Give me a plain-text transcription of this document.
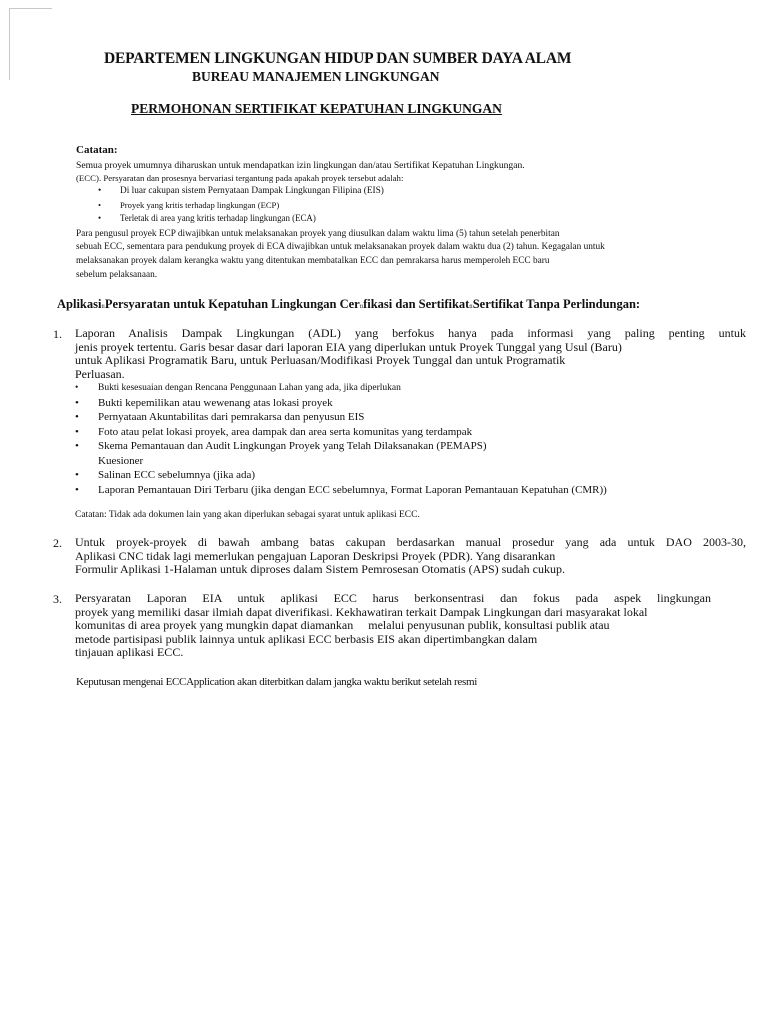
DEPARTEMEN LINGKUNGAN HIDUP DAN SUMBER DAYA ALAM
BUREAU MANAJEMEN LINGKUNGAN
PERMOHONAN SERTIFIKAT KEPATUHAN LINGKUNGAN
Catatan:

Semua proyek umumnya diharuskan untuk mendapatkan izin lingkungan dan/atau Sertifikat Kepatuhan Lingkungan.

(ECC). Persyaratan dan prosesnya bervariasi tergantung pada apakah proyek tersebut adalah:

• Di luar cakupan sistem Pernyataan Dampak Lingkungan Filipina (EIS)
• Proyek yang kritis terhadap lingkungan (ECP)
• Terletak di area yang kritis terhadap lingkungan (ECA)
Para pengusul proyek ECP diwajibkan untuk melaksanakan proyek yang diusulkan dalam waktu lima (5) tahun setelah penerbitan
sebuah ECC, sementara para pendukung proyek di ECA diwajibkan untuk melaksanakan proyek dalam waktu dua (2) tahun. Kegagalan untuk
melaksanakan proyek dalam kerangka waktu yang ditentukan membatalkan ECC dan pemrakarsa harus memperoleh ECC baru
sebelum pelaksanaan.
AplikasitiPersyaratan untuk Kepatuhan Lingkungan Certifikasi dan SertifikattiSertifikat Tanpa Perlindungan:
1. Laporan Analisis Dampak Lingkungan (ADL) yang berfokus hanya pada informasi yang paling penting untuk
jenis proyek tertentu. Garis besar dasar dari laporan EIA yang diperlukan untuk Proyek Tunggal yang Usul (Baru)
untuk Aplikasi Programatik Baru, untuk Perluasan/Modifikasi Proyek Tunggal dan untuk Programatik
Perluasan.
• Bukti kesesuaian dengan Rencana Penggunaan Lahan yang ada, jika diperlukan
• Bukti kepemilikan atau wewenang atas lokasi proyek
• Pernyataan Akuntabilitas dari pemrakarsa dan penyusun EIS
• Foto atau pelat lokasi proyek, area dampak dan area serta komunitas yang terdampak
• Skema Pemantauan dan Audit Lingkungan Proyek yang Telah Dilaksanakan (PEMAPS)
Kuesioner
• Salinan ECC sebelumnya (jika ada)
• Laporan Pemantauan Diri Terbaru (jika dengan ECC sebelumnya, Format Laporan Pemantauan Kepatuhan (CMR))
Catatan: Tidak ada dokumen lain yang akan diperlukan sebagai syarat untuk aplikasi ECC.
2. Untuk proyek-proyek di bawah ambang batas cakupan berdasarkan manual prosedur yang ada untuk DAO 2003-30,
Aplikasi CNC tidak lagi memerlukan pengajuan Laporan Deskripsi Proyek (PDR). Yang disarankan
Formulir Aplikasi 1-Halaman untuk diproses dalam Sistem Pemrosesan Otomatis (APS) sudah cukup.
3. Persyaratan Laporan EIA untuk aplikasi ECC harus berkonsentrasi dan fokus pada aspek lingkungan
proyek yang memiliki dasar ilmiah dapat diverifikasi. Kekhawatiran terkait Dampak Lingkungan dari masyarakat lokal
komunitas di area proyek yang mungkin dapat diamankan     melalui penyusunan publik, konsultasi publik atau
metode partisipasi publik lainnya untuk aplikasi ECC berbasis EIS akan dipertimbangkan dalam
tinjauan aplikasi ECC.
Keputusan mengenai ECCApplication akan diterbitkan dalam jangka waktu berikut setelah resmi
